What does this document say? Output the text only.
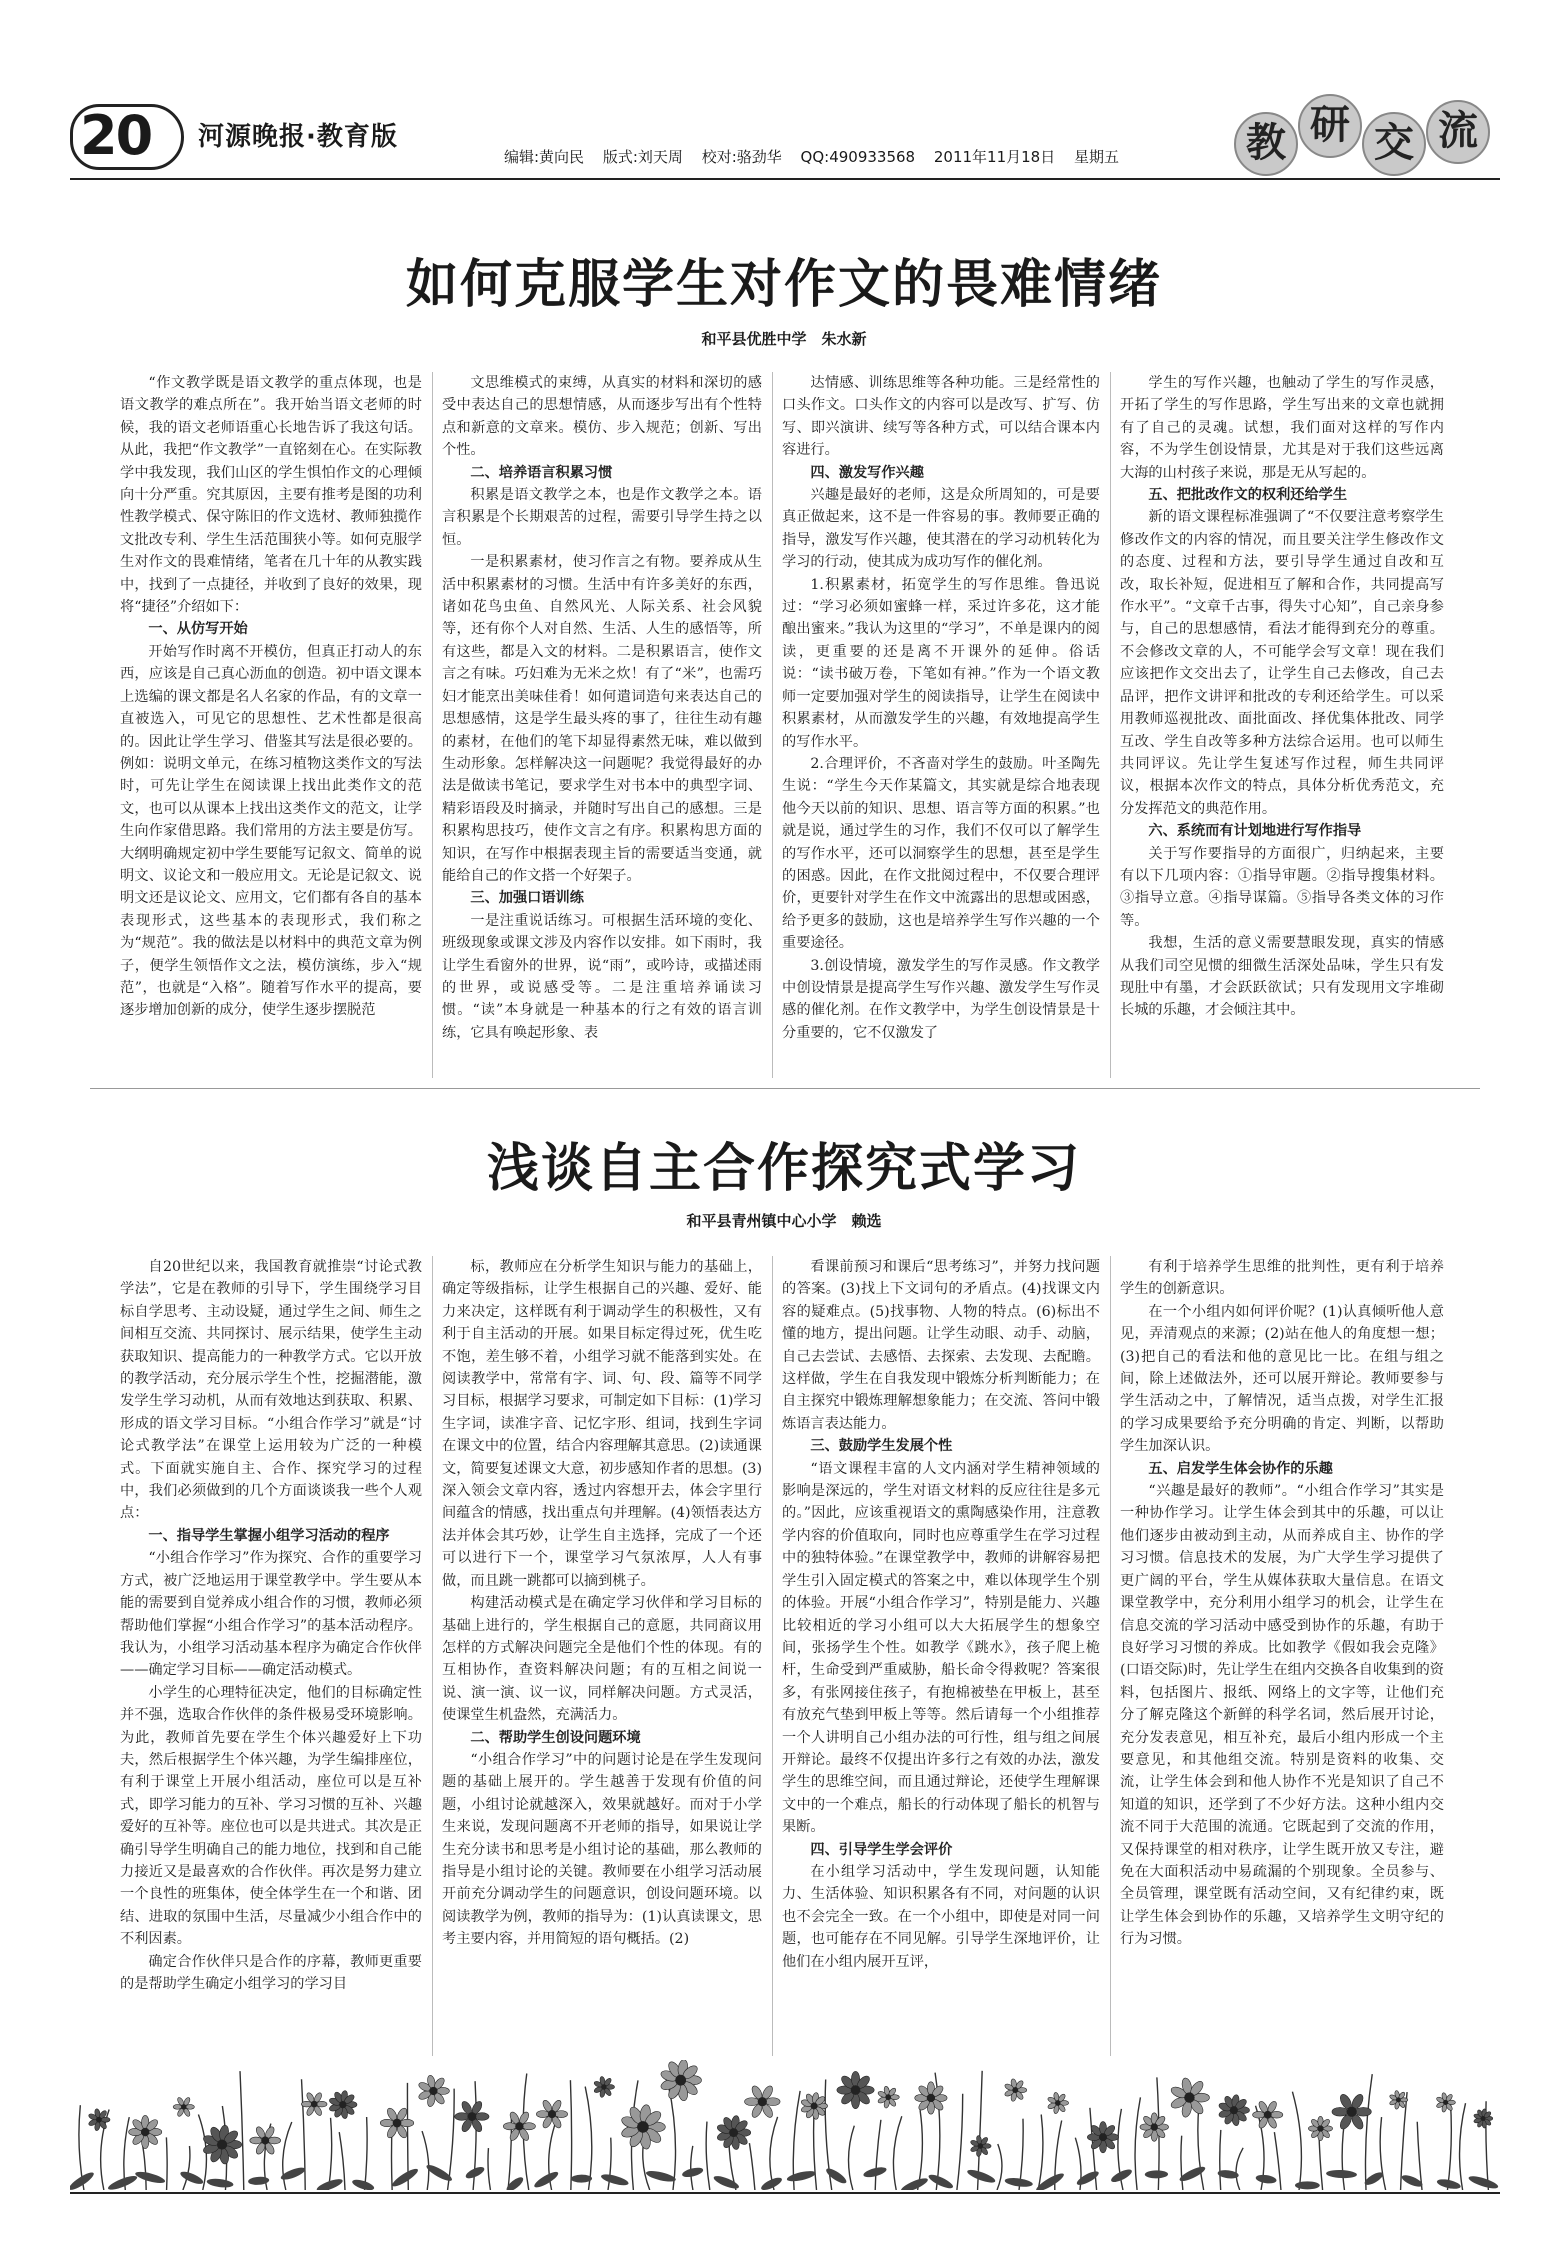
20 河源晚报·教育版
编辑:黄向民 版式:刘天周 校对:骆劲华 QQ:490933568 2011年11月18日 星期五	教 研 交 流
如何克服学生对作文的畏难情绪
和平县优胜中学　朱水新

“作文教学既是语文教学的重点体现，也是语文教学的难点所在”。我开始当语文老师的时候，我的语文老师语重心长地告诉了我这句话。从此，我把“作文教学”一直铭刻在心。在实际教学中我发现，我们山区的学生惧怕作文的心理倾向十分严重。究其原因，主要有推考是图的功利性教学模式、保守陈旧的作文选材、教师独揽作文批改专利、学生生活范围狭小等。如何克服学生对作文的畏难情绪，笔者在几十年的从教实践中，找到了一点捷径，并收到了良好的效果，现将“捷径”介绍如下：

一、从仿写开始

开始写作时离不开模仿，但真正打动人的东西，应该是自己真心沥血的创造。初中语文课本上选编的课文都是名人名家的作品，有的文章一直被选入，可见它的思想性、艺术性都是很高的。因此让学生学习、借鉴其写法是很必要的。例如：说明文单元，在练习植物这类作文的写法时，可先让学生在阅读课上找出此类作文的范文，也可以从课本上找出这类作文的范文，让学生向作家借思路。我们常用的方法主要是仿写。大纲明确规定初中学生要能写记叙文、简单的说明文、议论文和一般应用文。无论是记叙文、说明文还是议论文、应用文，它们都有各自的基本表现形式，这些基本的表现形式，我们称之为“规范”。我的做法是以材料中的典范文章为例子，便学生领悟作文之法，模仿演练，步入“规范”，也就是“入格”。随着写作水平的提高，要逐步增加创新的成分，使学生逐步摆脱范

文思维模式的束缚，从真实的材料和深切的感受中表达自己的思想情感，从而逐步写出有个性特点和新意的文章来。模仿、步入规范；创新、写出个性。

二、培养语言积累习惯

积累是语文教学之本，也是作文教学之本。语言积累是个长期艰苦的过程，需要引导学生持之以恒。

一是积累素材，使习作言之有物。要养成从生活中积累素材的习惯。生活中有许多美好的东西，诸如花鸟虫鱼、自然风光、人际关系、社会风貌等，还有你个人对自然、生活、人生的感悟等，所有这些，都是入文的材料。二是积累语言，使作文言之有味。巧妇难为无米之炊！有了“米”，也需巧妇才能烹出美味佳肴！如何遣词造句来表达自己的思想感情，这是学生最头疼的事了，往往生动有趣的素材，在他们的笔下却显得素然无味，难以做到生动形象。怎样解决这一问题呢？我觉得最好的办法是做读书笔记，要求学生对书本中的典型字词、精彩语段及时摘录，并随时写出自己的感想。三是积累构思技巧，使作文言之有序。积累构思方面的知识，在写作中根据表现主旨的需要适当变通，就能给自己的作文搭一个好架子。

三、加强口语训练

一是注重说话练习。可根据生活环境的变化、班级现象或课文涉及内容作以安排。如下雨时，我让学生看窗外的世界，说“雨”，或吟诗，或描述雨的世界，或说感受等。二是注重培养诵读习惯。“读”本身就是一种基本的行之有效的语言训练，它具有唤起形象、表

达情感、训练思维等各种功能。三是经常性的口头作文。口头作文的内容可以是改写、扩写、仿写、即兴演讲、续写等各种方式，可以结合课本内容进行。

四、激发写作兴趣

兴趣是最好的老师，这是众所周知的，可是要真正做起来，这不是一件容易的事。教师要正确的指导，激发写作兴趣，使其潜在的学习动机转化为学习的行动，使其成为成功写作的催化剂。

1.积累素材，拓宽学生的写作思维。鲁迅说过：“学习必须如蜜蜂一样，采过许多花，这才能酿出蜜来。”我认为这里的“学习”，不单是课内的阅读，更重要的还是离不开课外的延伸。俗话说：“读书破万卷，下笔如有神。”作为一个语文教师一定要加强对学生的阅读指导，让学生在阅读中积累素材，从而激发学生的兴趣，有效地提高学生的写作水平。

2.合理评价，不吝啬对学生的鼓励。叶圣陶先生说：“学生今天作某篇文，其实就是综合地表现他今天以前的知识、思想、语言等方面的积累。”也就是说，通过学生的习作，我们不仅可以了解学生的写作水平，还可以洞察学生的思想，甚至是学生的困惑。因此，在作文批阅过程中，不仅要合理评价，更要针对学生在作文中流露出的思想或困惑，给予更多的鼓励，这也是培养学生写作兴趣的一个重要途径。

3.创设情境，激发学生的写作灵感。作文教学中创设情景是提高学生写作兴趣、激发学生写作灵感的催化剂。在作文教学中，为学生创设情景是十分重要的，它不仅激发了

学生的写作兴趣，也触动了学生的写作灵感，开拓了学生的写作思路，学生写出来的文章也就拥有了自己的灵魂。试想，我们面对这样的写作内容，不为学生创设情景，尤其是对于我们这些远离大海的山村孩子来说，那是无从写起的。

五、把批改作文的权利还给学生

新的语文课程标准强调了“不仅要注意考察学生修改作文的内容的情况，而且要关注学生修改作文的态度、过程和方法，要引导学生通过自改和互改，取长补短，促进相互了解和合作，共同提高写作水平”。“文章千古事，得失寸心知”，自己亲身参与，自己的思想感情，看法才能得到充分的尊重。不会修改文章的人，不可能学会写文章！现在我们应该把作文交出去了，让学生自己去修改，自己去品评，把作文讲评和批改的专利还给学生。可以采用教师巡视批改、面批面改、择优集体批改、同学互改、学生自改等多种方法综合运用。也可以师生共同评议。先让学生复述写作过程，师生共同评议，根据本次作文的特点，具体分析优秀范文，充分发挥范文的典范作用。

六、系统而有计划地进行写作指导

关于写作要指导的方面很广，归纳起来，主要有以下几项内容：①指导审题。②指导搜集材料。③指导立意。④指导谋篇。⑤指导各类文体的习作等。

我想，生活的意义需要慧眼发现，真实的情感从我们司空见惯的细微生活深处品味，学生只有发现肚中有墨，才会跃跃欲试；只有发现用文字堆砌长城的乐趣，才会倾注其中。

浅谈自主合作探究式学习
和平县青州镇中心小学　赖选

自20世纪以来，我国教育就推崇“讨论式教学法”，它是在教师的引导下，学生围绕学习目标自学思考、主动设疑，通过学生之间、师生之间相互交流、共同探讨、展示结果，使学生主动获取知识、提高能力的一种教学方式。它以开放的教学活动，充分展示学生个性，挖掘潜能，激发学生学习动机，从而有效地达到获取、积累、形成的语文学习目标。“小组合作学习”就是“讨论式教学法”在课堂上运用较为广泛的一种模式。下面就实施自主、合作、探究学习的过程中，我们必须做到的几个方面谈谈我一些个人观点：

一、指导学生掌握小组学习活动的程序

“小组合作学习”作为探究、合作的重要学习方式，被广泛地运用于课堂教学中。学生要从本能的需要到自觉养成小组合作的习惯，教师必须帮助他们掌握“小组合作学习”的基本活动程序。我认为，小组学习活动基本程序为确定合作伙伴——确定学习目标——确定活动模式。

小学生的心理特征决定，他们的目标确定性并不强，选取合作伙伴的条件极易受环境影响。为此，教师首先要在学生个体兴趣爱好上下功夫，然后根据学生个体兴趣，为学生编排座位，有利于课堂上开展小组活动，座位可以是互补式，即学习能力的互补、学习习惯的互补、兴趣爱好的互补等。座位也可以是共进式。其次是正确引导学生明确自己的能力地位，找到和自己能力接近又是最喜欢的合作伙伴。再次是努力建立一个良性的班集体，使全体学生在一个和谐、团结、进取的氛围中生活，尽量减少小组合作中的不利因素。

确定合作伙伴只是合作的序幕，教师更重要的是帮助学生确定小组学习的学习目

标，教师应在分析学生知识与能力的基础上，确定等级指标，让学生根据自己的兴趣、爱好、能力来决定，这样既有利于调动学生的积极性，又有利于自主活动的开展。如果目标定得过死，优生吃不饱，差生够不着，小组学习就不能落到实处。在阅读教学中，常常有字、词、句、段、篇等不同学习目标，根据学习要求，可制定如下目标：(1)学习生字词，读准字音、记忆字形、组词，找到生字词在课文中的位置，结合内容理解其意思。(2)读通课文，简要复述课文大意，初步感知作者的思想。(3)深入领会文章内容，透过内容想开去，体会字里行间蕴含的情感，找出重点句并理解。(4)领悟表达方法并体会其巧妙，让学生自主选择，完成了一个还可以进行下一个，课堂学习气氛浓厚，人人有事做，而且跳一跳都可以摘到桃子。

构建活动模式是在确定学习伙伴和学习目标的基础上进行的，学生根据自己的意愿，共同商议用怎样的方式解决问题完全是他们个性的体现。有的互相协作，查资料解决问题；有的互相之间说一说、演一演、议一议，同样解决问题。方式灵活，使课堂生机盎然，充满活力。

二、帮助学生创设问题环境

“小组合作学习”中的问题讨论是在学生发现问题的基础上展开的。学生越善于发现有价值的问题，小组讨论就越深入，效果就越好。而对于小学生来说，发现问题离不开老师的指导，如果说让学生充分读书和思考是小组讨论的基础，那么教师的指导是小组讨论的关键。教师要在小组学习活动展开前充分调动学生的问题意识，创设问题环境。以阅读教学为例，教师的指导为：(1)认真读课文，思考主要内容，并用简短的语句概括。(2)

看课前预习和课后“思考练习”，并努力找问题的答案。(3)找上下文词句的矛盾点。(4)找课文内容的疑难点。(5)找事物、人物的特点。(6)标出不懂的地方，提出问题。让学生动眼、动手、动脑，自己去尝试、去感悟、去探索、去发现、去配瞻。这样做，学生在自我发现中锻炼分析判断能力；在自主探究中锻炼理解想象能力；在交流、答问中锻炼语言表达能力。

三、鼓励学生发展个性

“语文课程丰富的人文内涵对学生精神领域的影响是深远的，学生对语文材料的反应往往是多元的。”因此，应该重视语文的熏陶感染作用，注意教学内容的价值取向，同时也应尊重学生在学习过程中的独特体验。”在课堂教学中，教师的讲解容易把学生引入固定模式的答案之中，难以体现学生个别的体验。开展“小组合作学习”，特别是能力、兴趣比较相近的学习小组可以大大拓展学生的想象空间，张扬学生个性。如教学《跳水》，孩子爬上桅杆，生命受到严重威胁，船长命令得救呢？答案很多，有张网接住孩子，有抱棉被垫在甲板上，甚至有放充气垫到甲板上等等。然后请每一个小组推荐一个人讲明自己小组办法的可行性，组与组之间展开辩论。最终不仅提出许多行之有效的办法，激发学生的思维空间，而且通过辩论，还使学生理解课文中的一个难点，船长的行动体现了船长的机智与果断。

四、引导学生学会评价

在小组学习活动中，学生发现问题，认知能力、生活体验、知识积累各有不同，对问题的认识也不会完全一致。在一个小组中，即使是对同一问题，也可能存在不同见解。引导学生深地评价，让他们在小组内展开互评，

有利于培养学生思维的批判性，更有利于培养学生的创新意识。

在一个小组内如何评价呢？(1)认真倾听他人意见，弄清观点的来源；(2)站在他人的角度想一想；(3)把自己的看法和他的意见比一比。在组与组之间，除上述做法外，还可以展开辩论。教师要参与学生活动之中，了解情况，适当点拨，对学生汇报的学习成果要给予充分明确的肯定、判断，以帮助学生加深认识。

五、启发学生体会协作的乐趣

“兴趣是最好的教师”。“小组合作学习”其实是一种协作学习。让学生体会到其中的乐趣，可以让他们逐步由被动到主动，从而养成自主、协作的学习习惯。信息技术的发展，为广大学生学习提供了更广阔的平台，学生从媒体获取大量信息。在语文课堂教学中，充分利用小组学习的机会，让学生在信息交流的学习活动中感受到协作的乐趣，有助于良好学习习惯的养成。比如教学《假如我会克隆》(口语交际)时，先让学生在组内交换各自收集到的资料，包括图片、报纸、网络上的文字等，让他们充分了解克隆这个新鲜的科学名词，然后展开讨论，充分发表意见，相互补充，最后小组内形成一个主要意见，和其他组交流。特别是资料的收集、交流，让学生体会到和他人协作不光是知识了自己不知道的知识，还学到了不少好方法。这种小组内交流不同于大范围的流通。它既起到了交流的作用，又保持课堂的相对秩序，让学生既开放又专注，避免在大面积活动中易疏漏的个别现象。全员参与、全员管理，课堂既有活动空间，又有纪律约束，既让学生体会到协作的乐趣，又培养学生文明守纪的行为习惯。
